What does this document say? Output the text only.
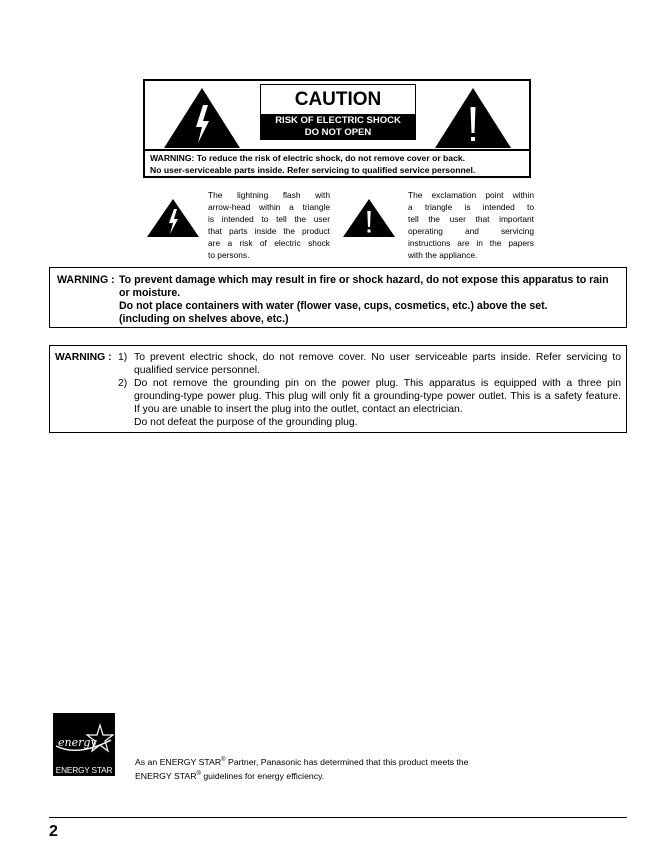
CAUTION
RISK OF ELECTRIC SHOCK
DO NOT OPEN
WARNING: To reduce the risk of electric shock, do not remove cover or back.
No user-serviceable parts inside. Refer servicing to qualified service personnel.
The lightning flash with
arrow-head within a triangle
is intended to tell the user
that parts inside the product
are a risk of electric shock
to persons.
The exclamation point within
a triangle is intended to
tell the user that important
operating and servicing
instructions are in the papers
with the appliance.
WARNING : To prevent damage which may result in fire or shock hazard, do not expose this apparatus to rain
or moisture.
Do not place containers with water (flower vase, cups, cosmetics, etc.) above the set.
(including on shelves above, etc.)
WARNING : 1) To prevent electric shock, do not remove cover. No user serviceable parts inside. Refer servicing to
qualified service personnel.
2) Do not remove the grounding pin on the power plug. This apparatus is equipped with a three pin
grounding-type power plug. This plug will only fit a grounding-type power outlet. This is a safety feature.
If you are unable to insert the plug into the outlet, contact an electrician.
Do not defeat the purpose of the grounding plug.
energy
ENERGY STAR
As an ENERGY STAR® Partner, Panasonic has determined that this product meets the
ENERGY STAR® guidelines for energy efficiency.
2
